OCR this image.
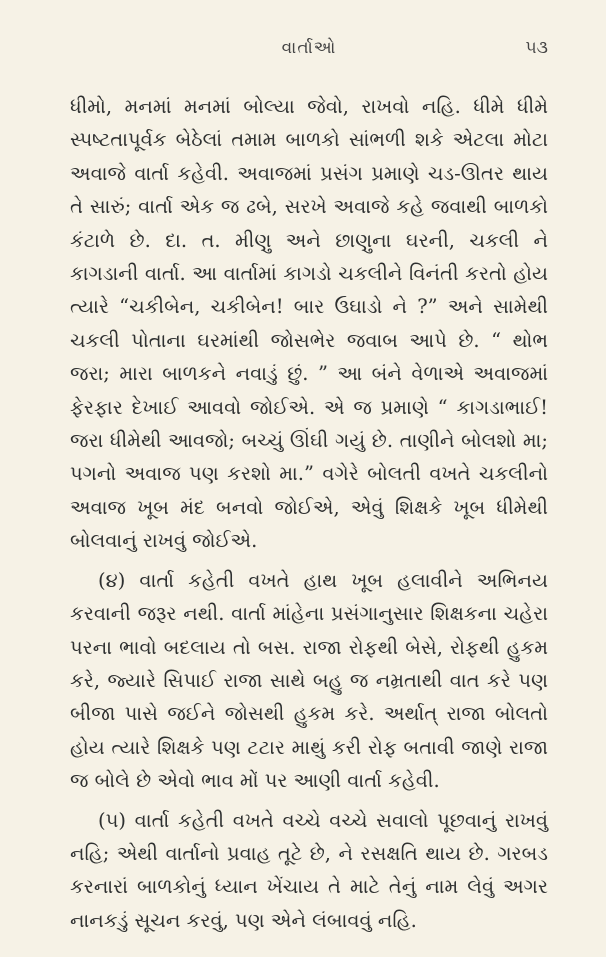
વાર્તાઓ	૫૩

ધીમો, મનમાં મનમાં બોલ્યા જેવો, રાખવો નહિ. ધીમે ધીમે સ્પષ્ટતાપૂર્વક બેઠેલાં તમામ બાળકો સાંભળી શકે એટલા મોટા અવાજે વાર્તા કહેવી. અવાજમાં પ્રસંગ પ્રમાણે ચડ-ઊતર થાય તે સારું; વાર્તા એક જ ઢબે, સરખે અવાજે કહે જવાથી બાળકો કંટાળે છે. દા. ત. મીણુ અને છાણુના ઘરની, ચકલી ને કાગડાની વાર્તા. આ વાર્તામાં કાગડો ચકલીને વિનંતી કરતો હોય ત્યારે “ચકીબેન, ચકીબેન! બાર ઉઘાડો ને ?” અને સામેથી ચકલી પોતાના ઘરમાંથી જોસભેર જવાબ આપે છે. “ થોભ જરા; મારા બાળકને નવાડું છું. ” આ બંને વેળાએ અવાજમાં ફેરફાર દેખાઈ આવવો જોઈએ. એ જ પ્રમાણે “ કાગડાભાઈ! જરા ધીમેથી આવજો; બચ્ચું ઊંઘી ગયું છે. તાણીને બોલશો મા; પગનો અવાજ પણ કરશો મા.” વગેરે બોલતી વખતે ચકલીનો અવાજ ખૂબ મંદ બનવો જોઈએ, એવું શિક્ષકે ખૂબ ધીમેથી બોલવાનું રાખવું જોઈએ.

(૪) વાર્તા કહેતી વખતે હાથ ખૂબ હલાવીને અભિનય કરવાની જરૂર નથી. વાર્તા માંહેના પ્રસંગાનુસાર શિક્ષકના ચહેરા પરના ભાવો બદલાય તો બસ. રાજા રોફથી બેસે, રોફથી હુકમ કરે, જ્યારે સિપાઈ રાજા સાથે બહુ જ નમ્રતાથી વાત કરે પણ બીજા પાસે જઈને જોસથી હુકમ કરે. અર્થાત્ રાજા બોલતો હોય ત્યારે શિક્ષકે પણ ટટાર માથું કરી રોફ બતાવી જાણે રાજા જ બોલે છે એવો ભાવ મોં પર આણી વાર્તા કહેવી.

(૫) વાર્તા કહેતી વખતે વચ્ચે વચ્ચે સવાલો પૂછવાનું રાખવું નહિ; એથી વાર્તાનો પ્રવાહ તૂટે છે, ને રસક્ષતિ થાય છે. ગરબડ કરનારાં બાળકોનું ધ્યાન ખેંચાય તે માટે તેનું નામ લેવું અગર નાનકડું સૂચન કરવું, પણ એને લંબાવવું નહિ.
